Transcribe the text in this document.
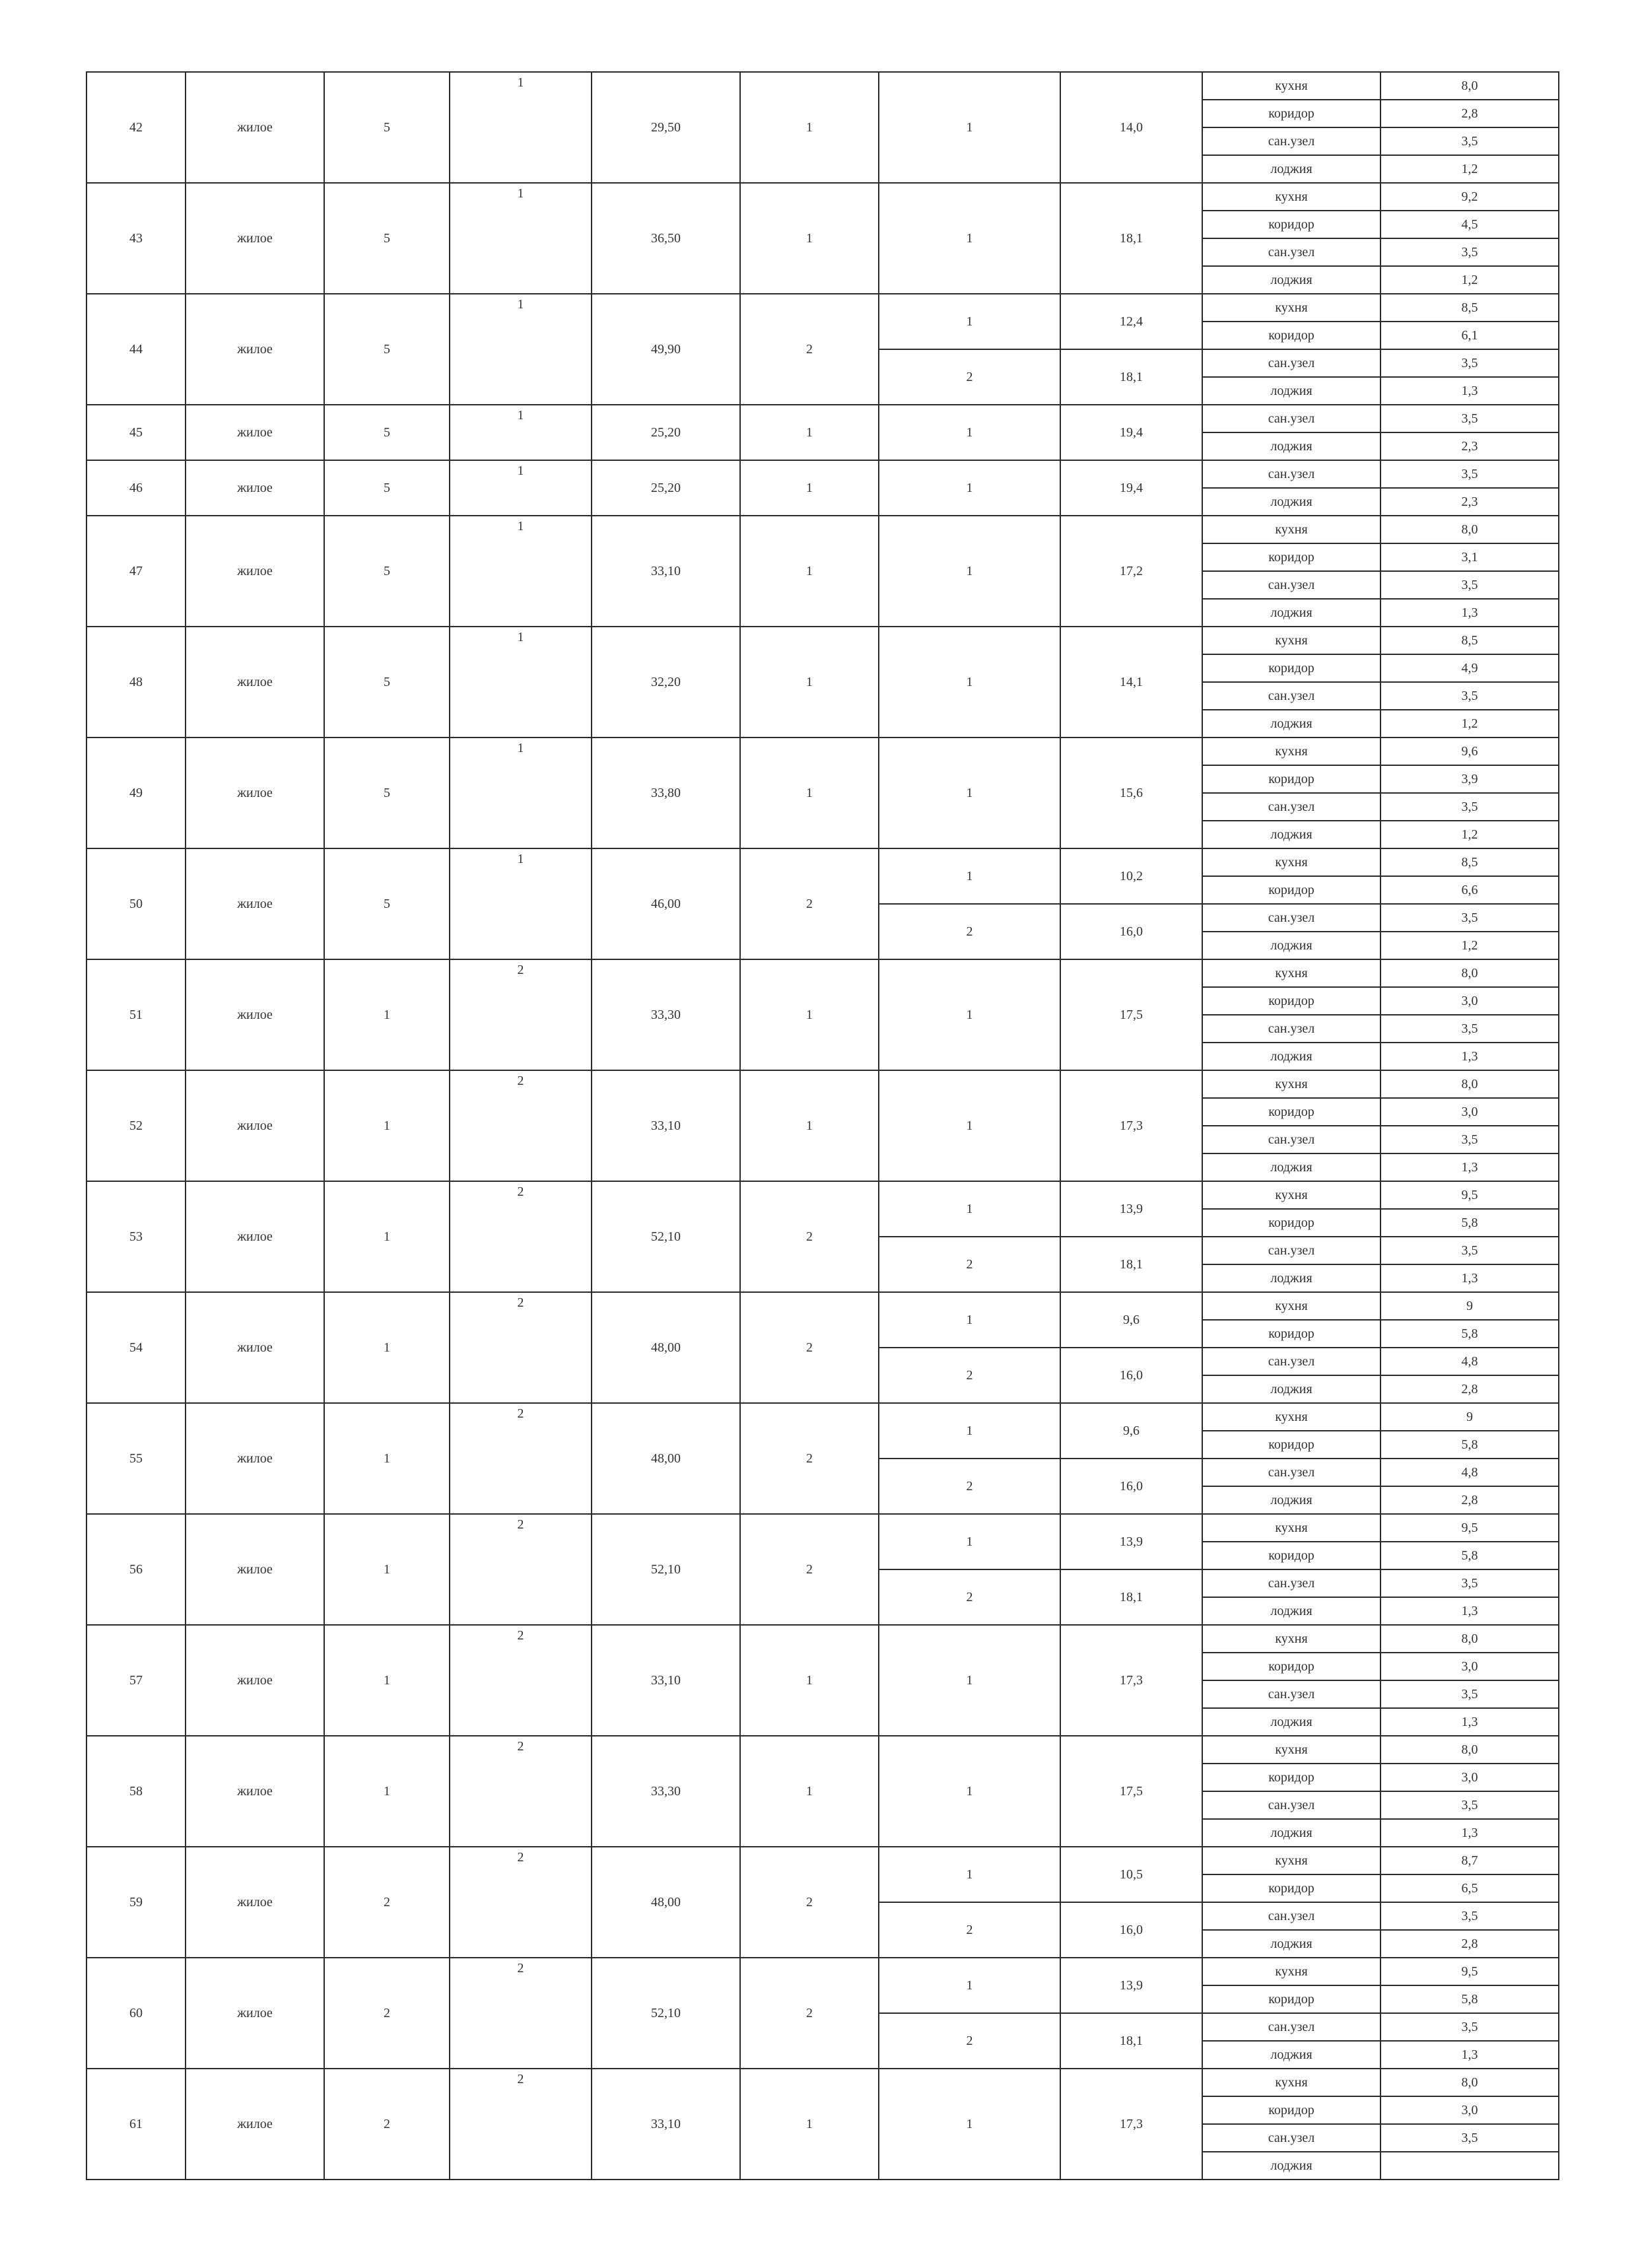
42	жилое	5	1	29,50	1	1	14,0	кухня	8,0
								коридор	2,8
								сан.узел	3,5
								лоджия	1,2
43	жилое	5	1	36,50	1	1	18,1	кухня	9,2
								коридор	4,5
								сан.узел	3,5
								лоджия	1,2
44	жилое	5	1	49,90	2	1	12,4	кухня	8,5
								коридор	6,1
						2	18,1	сан.узел	3,5
								лоджия	1,3
45	жилое	5	1	25,20	1	1	19,4	сан.узел	3,5
								лоджия	2,3
46	жилое	5	1	25,20	1	1	19,4	сан.узел	3,5
								лоджия	2,3
47	жилое	5	1	33,10	1	1	17,2	кухня	8,0
								коридор	3,1
								сан.узел	3,5
								лоджия	1,3
48	жилое	5	1	32,20	1	1	14,1	кухня	8,5
								коридор	4,9
								сан.узел	3,5
								лоджия	1,2
49	жилое	5	1	33,80	1	1	15,6	кухня	9,6
								коридор	3,9
								сан.узел	3,5
								лоджия	1,2
50	жилое	5	1	46,00	2	1	10,2	кухня	8,5
								коридор	6,6
						2	16,0	сан.узел	3,5
								лоджия	1,2
51	жилое	1	2	33,30	1	1	17,5	кухня	8,0
								коридор	3,0
								сан.узел	3,5
								лоджия	1,3
52	жилое	1	2	33,10	1	1	17,3	кухня	8,0
								коридор	3,0
								сан.узел	3,5
								лоджия	1,3
53	жилое	1	2	52,10	2	1	13,9	кухня	9,5
								коридор	5,8
						2	18,1	сан.узел	3,5
								лоджия	1,3
54	жилое	1	2	48,00	2	1	9,6	кухня	9
								коридор	5,8
						2	16,0	сан.узел	4,8
								лоджия	2,8
55	жилое	1	2	48,00	2	1	9,6	кухня	9
								коридор	5,8
						2	16,0	сан.узел	4,8
								лоджия	2,8
56	жилое	1	2	52,10	2	1	13,9	кухня	9,5
								коридор	5,8
						2	18,1	сан.узел	3,5
								лоджия	1,3
57	жилое	1	2	33,10	1	1	17,3	кухня	8,0
								коридор	3,0
								сан.узел	3,5
								лоджия	1,3
58	жилое	1	2	33,30	1	1	17,5	кухня	8,0
								коридор	3,0
								сан.узел	3,5
								лоджия	1,3
59	жилое	2	2	48,00	2	1	10,5	кухня	8,7
								коридор	6,5
						2	16,0	сан.узел	3,5
								лоджия	2,8
60	жилое	2	2	52,10	2	1	13,9	кухня	9,5
								коридор	5,8
						2	18,1	сан.узел	3,5
								лоджия	1,3
61	жилое	2	2	33,10	1	1	17,3	кухня	8,0
								коридор	3,0
								сан.узел	3,5
								лоджия	
